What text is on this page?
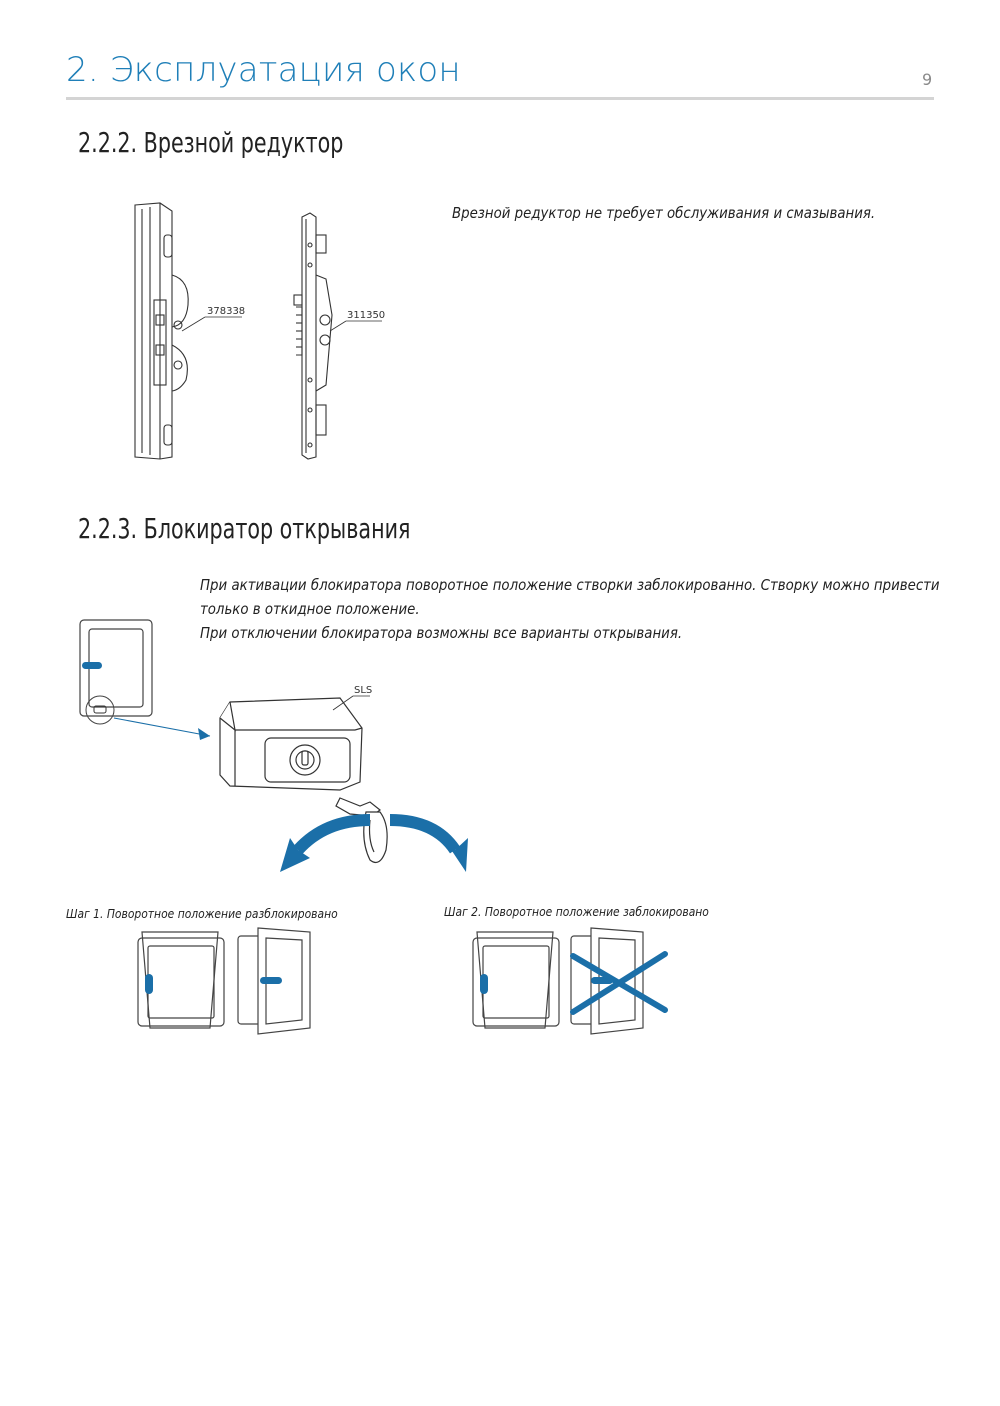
2. Эксплуатация окон	9
2.2.2. Врезной редуктор
Врезной редуктор не требует обслуживания и смазывания.
378338	311350
2.2.3. Блокиратор открывания
При активации блокиратора поворотное положение створки заблокированно. Створку можно привести только в откидное положение.
При отключении блокиратора возможны все варианты открывания.
SLS
Шаг 1. Поворотное положение разблокировано	Шаг 2. Поворотное положение заблокировано
